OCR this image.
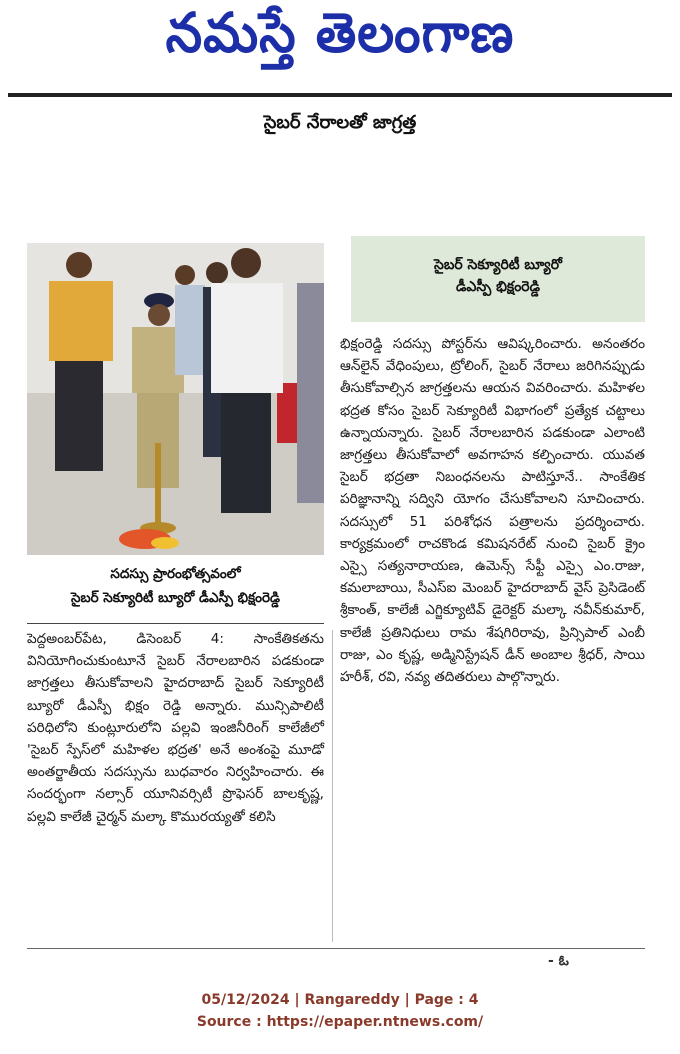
నమస్తే తెలంగాణ
సైబర్ నేరాలతో జాగ్రత్త
సదస్సు ప్రారంభోత్సవంలో
సైబర్ సెక్యూరిటీ బ్యూరో డీఎస్పీ భిక్షంరెడ్డి
సైబర్ సెక్యూరిటీ బ్యూరో
డీఎస్పీ భిక్షంరెడ్డి
పెద్దఅంబర్‌పేట, డిసెంబర్ 4: సాంకేతికతను వినియోగించుకుంటూనే సైబర్ నేరాలబారిన పడకుండా జాగ్రత్తలు తీసుకోవాలని హైదరాబాద్ సైబర్ సెక్యూరిటీ బ్యూరో డీఎస్పీ భిక్షం రెడ్డి అన్నారు. మున్సిపాలిటీ పరిధిలోని కుంట్లూరులోని పల్లవి ఇంజినీరింగ్ కాలేజీలో 'సైబర్ స్పేస్‌లో మహిళల భద్రత' అనే అంశంపై మూడో అంతర్జాతీయ సదస్సును బుధవారం నిర్వహించారు. ఈ సందర్భంగా నల్సార్ యూనివర్సిటీ ప్రొఫెసర్ బాలకృష్ణ, పల్లవి కాలేజీ చైర్మన్ మల్కా కొమురయ్యతో కలిసి
భిక్షంరెడ్డి సదస్సు పోస్టర్‌ను ఆవిష్కరించారు. అనంతరం ఆన్‌లైన్ వేధింపులు, ట్రోలింగ్, సైబర్ నేరాలు జరిగినప్పుడు తీసుకోవాల్సిన జాగ్రత్తలను ఆయన వివరించారు. మహిళల భద్రత కోసం సైబర్ సెక్యూరిటీ విభాగంలో ప్రత్యేక చట్టాలు ఉన్నాయన్నారు. సైబర్ నేరాలబారిన పడకుండా ఎలాంటి జాగ్రత్తలు తీసుకోవాలో అవగాహన కల్పించారు. యువత సైబర్ భద్రతా నిబంధనలను పాటిస్తూనే.. సాంకేతిక పరిజ్ఞానాన్ని సద్విని యోగం చేసుకోవాలని సూచించారు. సదస్సులో 51 పరిశోధన పత్రాలను ప్రదర్శించారు. కార్యక్రమంలో రాచకొండ కమిషనరేట్ నుంచి సైబర్ క్రైం ఎస్సై సత్యనారాయణ, ఉమెన్స్ సేఫ్టీ ఎస్సై ఎం.రాజు, కమలాబాయి, సీఎస్ఐ మెంబర్ హైదరాబాద్ వైస్ ప్రెసిడెంట్ శ్రీకాంత్, కాలేజీ ఎగ్జిక్యూటివ్ డైరెక్టర్ మల్కా నవీన్‌కుమార్, కాలేజీ ప్రతినిధులు రామ శేషగిరిరావు, ప్రిన్సిపాల్ ఎంబీ రాజు, ఎం కృష్ణ, అడ్మినిస్ట్రేషన్ డీన్ అంబాల శ్రీధర్, సాయి హరీశ్, రవి, నవ్య తదితరులు పాల్గొన్నారు.
- ఓ
05/12/2024 | Rangareddy | Page : 4
Source : https://epaper.ntnews.com/
